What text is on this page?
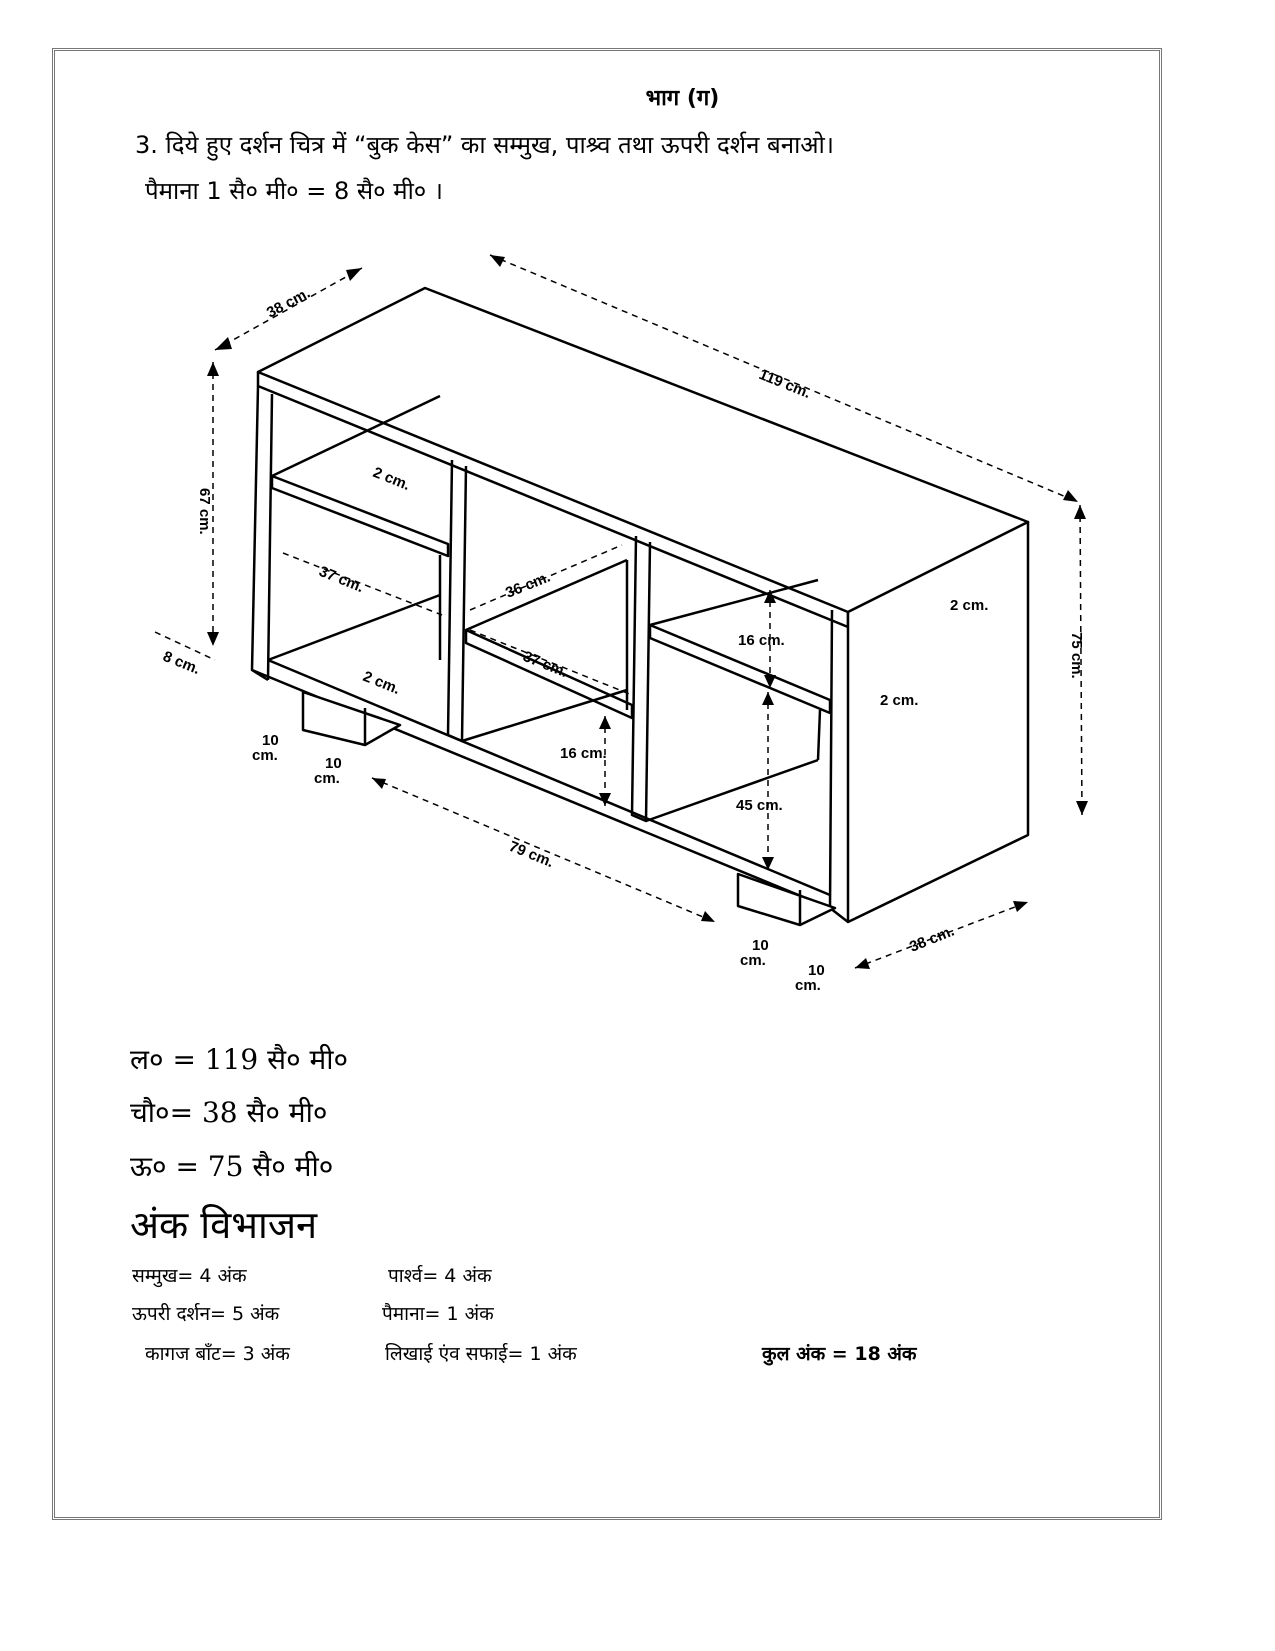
भाग (ग)
3. दिये हुए दर्शन चित्र में “बुक केस” का सम्मुख, पाश्र्व तथा ऊपरी दर्शन बनाओ।
पैमाना 1 सै० मी० = 8 सै० मी० ।
38 cm.
119 cm.
67 cm.
2 cm.
37 cm.	36 cm.
37 cm.
2 cm.
16 cm.
2 cm.
8 cm.
2 cm.
10
cm.	10
cm.
16 cm.
45 cm.
79 cm.
10
cm.
10
cm.
38 cm.
75 cm.
ल० = 119 सै० मी०
चौ०= 38 सै० मी०
ऊ० = 75 सै० मी०
अंक विभाजन
सम्मुख= 4 अंक	पार्श्व= 4 अंक
ऊपरी दर्शन= 5 अंक	पैमाना= 1 अंक
कागज बाँट= 3 अंक	लिखाई एंव सफाई= 1 अंक	कुल अंक = 18 अंक
